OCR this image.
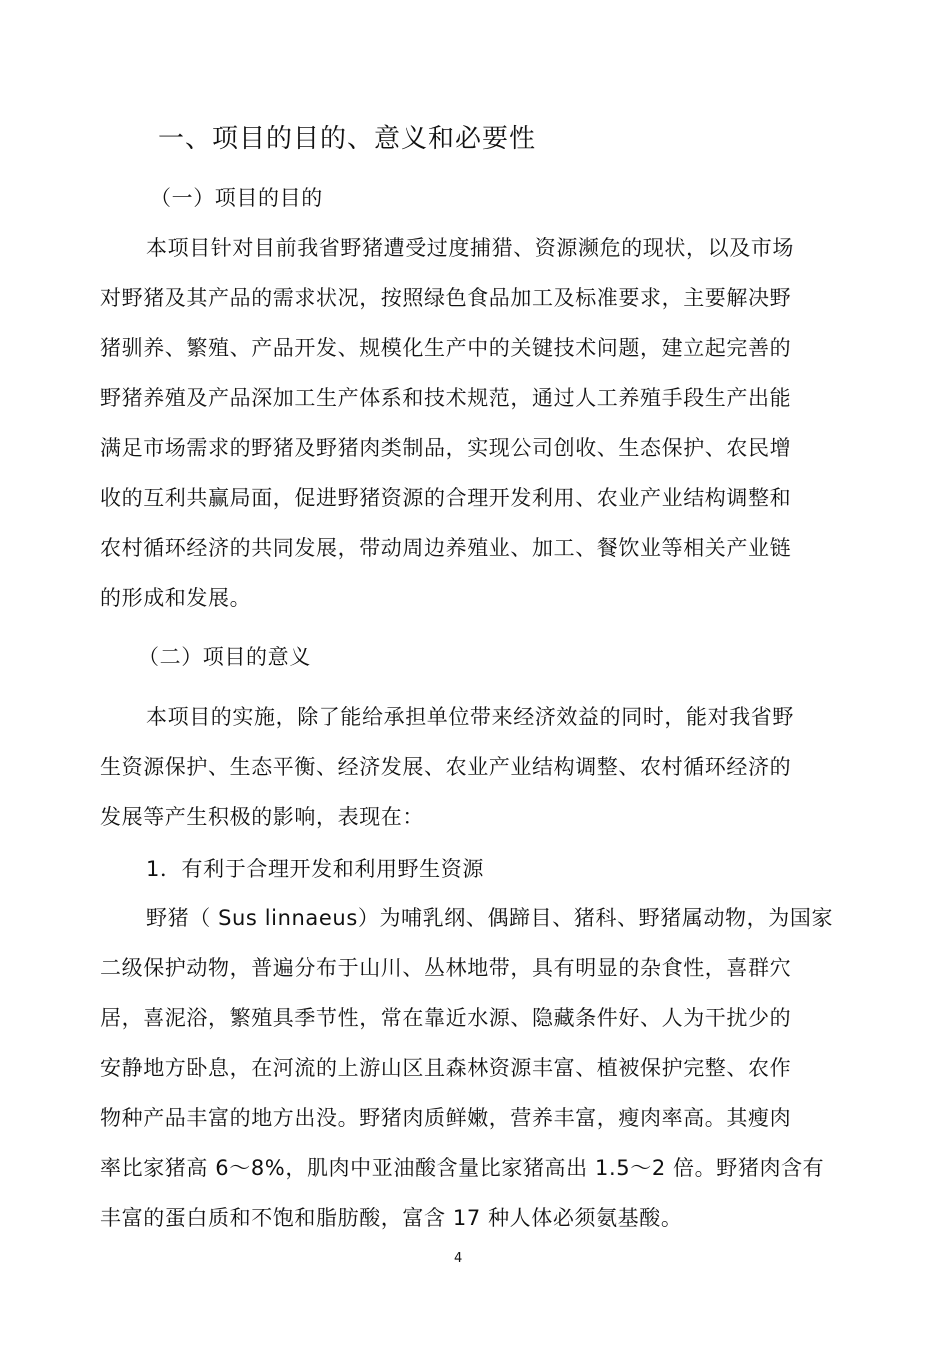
一、项目的目的、意义和必要性
（一）项目的目的
本项目针对目前我省野猪遭受过度捕猎、资源濒危的现状，以及市场
对野猪及其产品的需求状况，按照绿色食品加工及标准要求，主要解决野
猪驯养、繁殖、产品开发、规模化生产中的关键技术问题，建立起完善的
野猪养殖及产品深加工生产体系和技术规范，通过人工养殖手段生产出能
满足市场需求的野猪及野猪肉类制品，实现公司创收、生态保护、农民增
收的互利共赢局面，促进野猪资源的合理开发利用、农业产业结构调整和
农村循环经济的共同发展，带动周边养殖业、加工、餐饮业等相关产业链
的形成和发展。
（二）项目的意义
本项目的实施，除了能给承担单位带来经济效益的同时，能对我省野
生资源保护、生态平衡、经济发展、农业产业结构调整、农村循环经济的
发展等产生积极的影响，表现在：
1．有利于合理开发和利用野生资源
野猪（ Sus linnaeus）为哺乳纲、偶蹄目、猪科、野猪属动物，为国家
二级保护动物，普遍分布于山川、丛林地带，具有明显的杂食性，喜群穴
居，喜泥浴，繁殖具季节性，常在靠近水源、隐藏条件好、人为干扰少的
安静地方卧息，在河流的上游山区且森林资源丰富、植被保护完整、农作
物种产品丰富的地方出没。野猪肉质鲜嫩，营养丰富，瘦肉率高。其瘦肉
率比家猪高 6～8%，肌肉中亚油酸含量比家猪高出 1.5～2 倍。野猪肉含有
丰富的蛋白质和不饱和脂肪酸，富含 17 种人体必须氨基酸。
4
